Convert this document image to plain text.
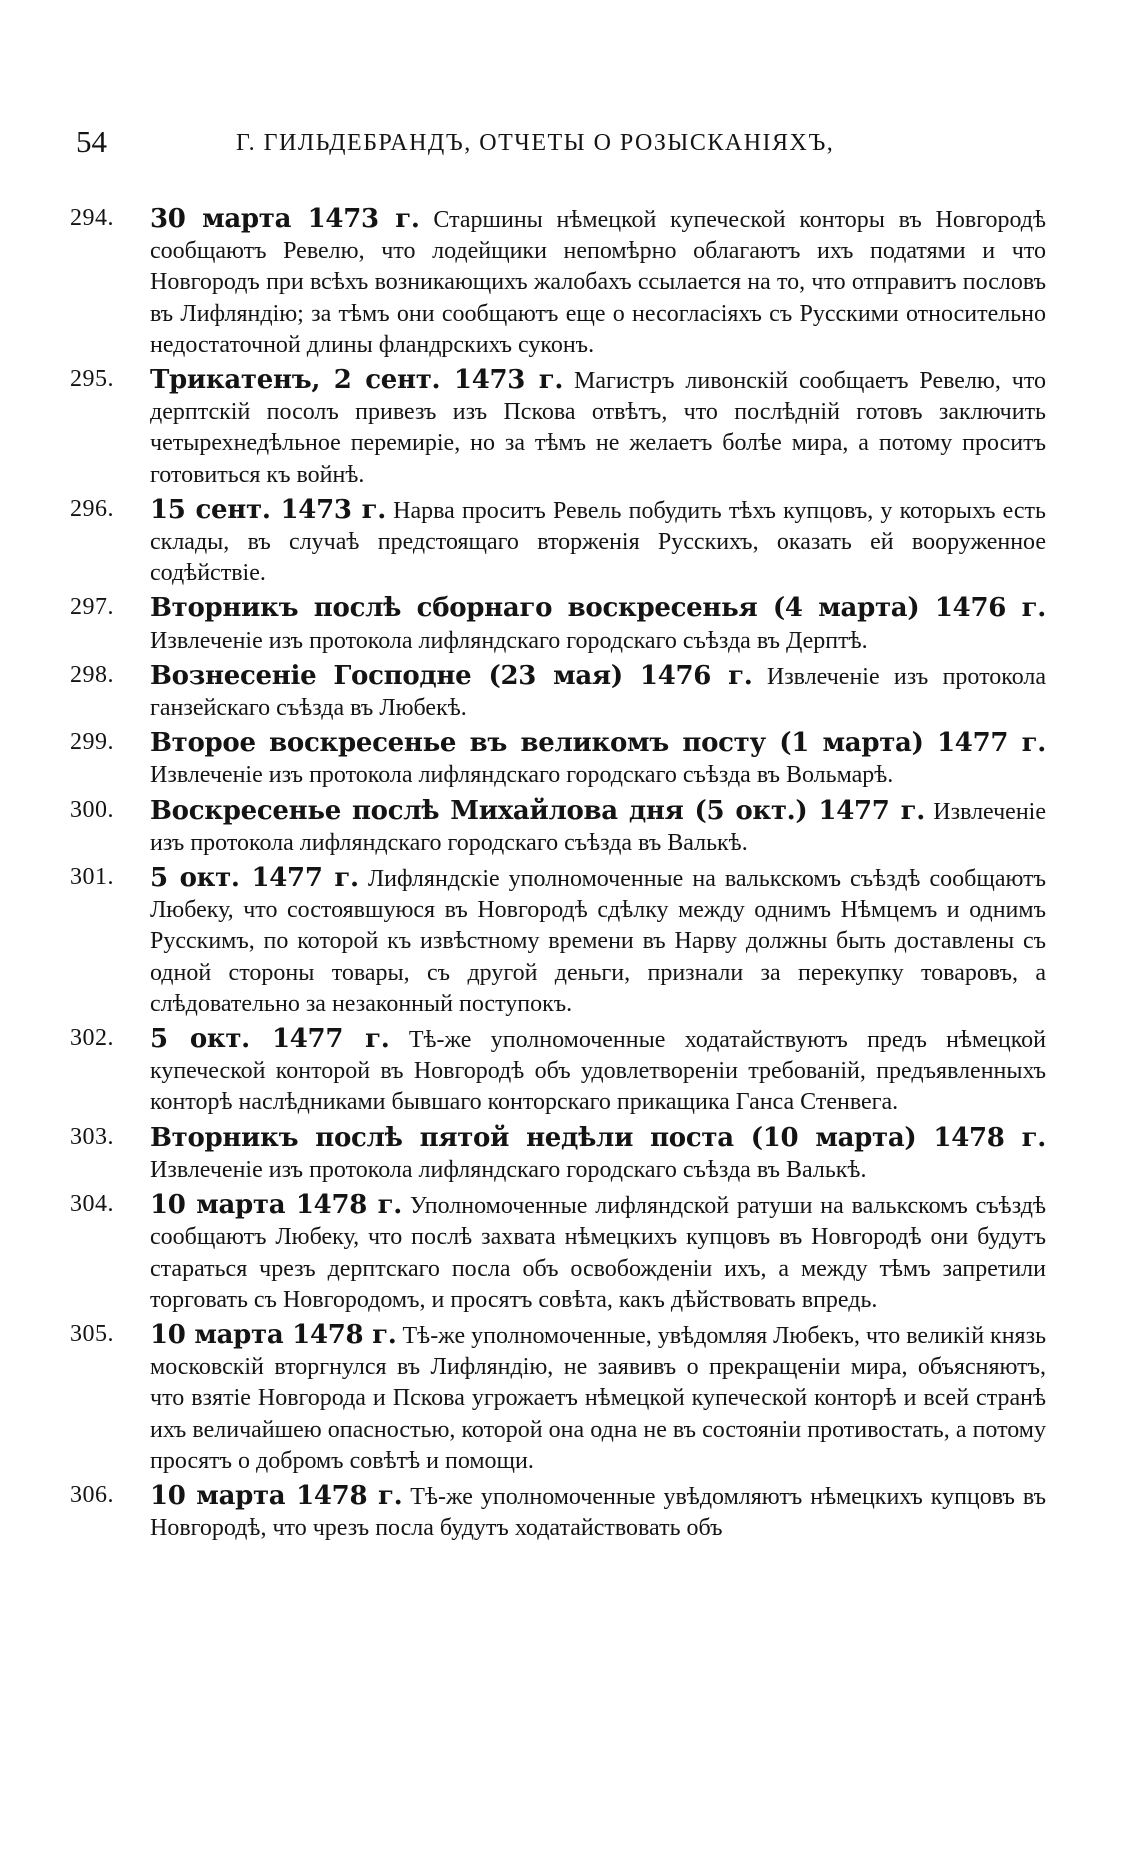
54	Г. ГИЛЬДЕБРАНДЪ, ОТЧЕТЫ О РОЗЫСКАНІЯХЪ,
294. 30 марта 1473 г. Старшины нѣмецкой купеческой конторы въ Новгородѣ сообщаютъ Ревелю, что лодейщики непомѣрно облагаютъ ихъ податями и что Новгородъ при всѣхъ возникающихъ жалобахъ ссылается на то, что отправитъ пословъ въ Лифляндію; за тѣмъ они сообщаютъ еще о несогласіяхъ съ Русскими относительно недостаточной длины фландрскихъ суконъ.
295. Трикатенъ, 2 сент. 1473 г. Магистръ ливонскій сообщаетъ Ревелю, что дерптскій посолъ привезъ изъ Пскова отвѣтъ, что послѣдній готовъ заключить четырехнедѣльное перемиріе, но за тѣмъ не желаетъ болѣе мира, а потому проситъ готовиться къ войнѣ.
296. 15 сент. 1473 г. Нарва проситъ Ревель побудить тѣхъ купцовъ, у которыхъ есть склады, въ случаѣ предстоящаго вторженія Русскихъ, оказать ей вооруженное содѣйствіе.
297. Вторникъ послѣ сборнаго воскресенья (4 марта) 1476 г. Извлеченіе изъ протокола лифляндскаго городскаго съѣзда въ Дерптѣ.
298. Вознесеніе Господне (23 мая) 1476 г. Извлеченіе изъ протокола ганзейскаго съѣзда въ Любекѣ.
299. Второе воскресенье въ великомъ посту (1 марта) 1477 г. Извлеченіе изъ протокола лифляндскаго городскаго съѣзда въ Вольмарѣ.
300. Воскресенье послѣ Михайлова дня (5 окт.) 1477 г. Извлеченіе изъ протокола лифляндскаго городскаго съѣзда въ Валькѣ.
301. 5 окт. 1477 г. Лифляндскіе уполномоченные на валькскомъ съѣздѣ сообщаютъ Любеку, что состоявшуюся въ Новгородѣ сдѣлку между однимъ Нѣмцемъ и однимъ Русскимъ, по которой къ извѣстному времени въ Нарву должны быть доставлены съ одной стороны товары, съ другой деньги, признали за перекупку товаровъ, а слѣдовательно за незаконный поступокъ.
302. 5 окт. 1477 г. Тѣ-же уполномоченные ходатайствуютъ предъ нѣмецкой купеческой конторой въ Новгородѣ объ удовлетвореніи требованій, предъявленныхъ конторѣ наслѣдниками бывшаго конторскаго прикащика Ганса Стенвега.
303. Вторникъ послѣ пятой недѣли поста (10 марта) 1478 г. Извлеченіе изъ протокола лифляндскаго городскаго съѣзда въ Валькѣ.
304. 10 марта 1478 г. Уполномоченные лифляндской ратуши на валькскомъ съѣздѣ сообщаютъ Любеку, что послѣ захвата нѣмецкихъ купцовъ въ Новгородѣ они будутъ стараться чрезъ дерптскаго посла объ освобожденіи ихъ, а между тѣмъ запретили торговать съ Новгородомъ, и просятъ совѣта, какъ дѣйствовать впредь.
305. 10 марта 1478 г. Тѣ-же уполномоченные, увѣдомляя Любекъ, что великій князь московскій вторгнулся въ Лифляндію, не заявивъ о прекращеніи мира, объясняютъ, что взятіе Новгорода и Пскова угрожаетъ нѣмецкой купеческой конторѣ и всей странѣ ихъ величайшею опасностью, которой она одна не въ состояніи противостать, а потому просятъ о добромъ совѣтѣ и помощи.
306. 10 марта 1478 г. Тѣ-же уполномоченные увѣдомляютъ нѣмецкихъ купцовъ въ Новгородѣ, что чрезъ посла будутъ ходатайствовать объ
